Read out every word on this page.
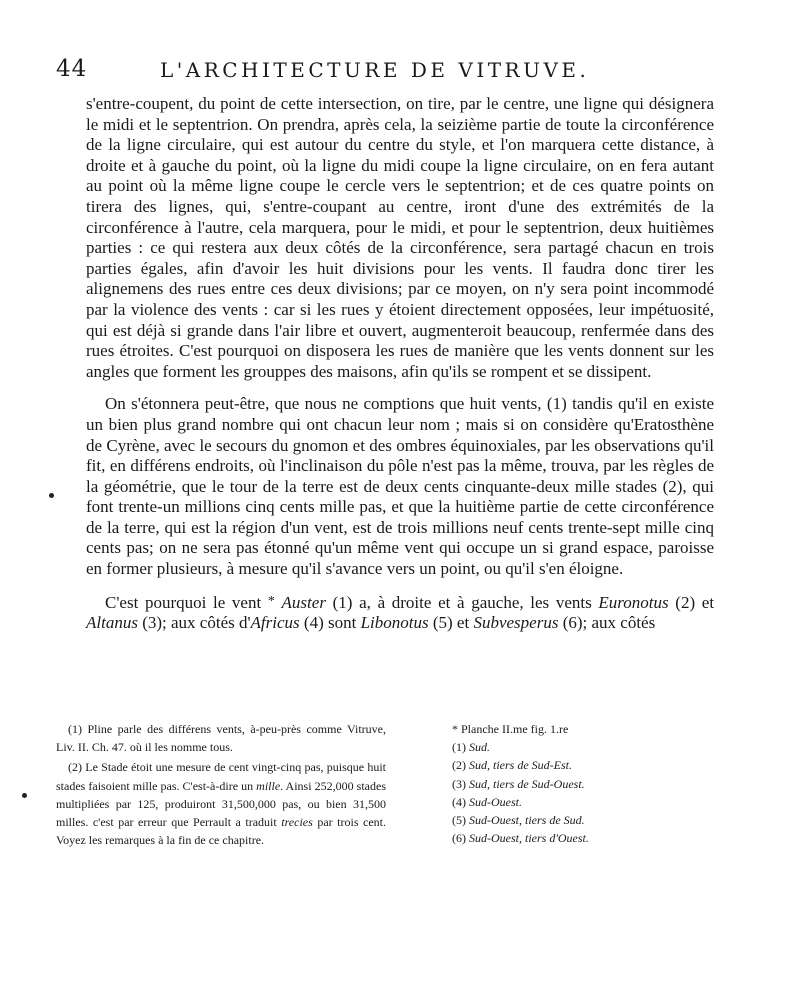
44	L'ARCHITECTURE DE VITRUVE.

s'entre-coupent, du point de cette intersection, on tire, par le centre, une ligne qui désignera le midi et le septentrion. On prendra, après cela, la seizième partie de toute la circonférence de la ligne circulaire, qui est autour du centre du style, et l'on marquera cette distance, à droite et à gauche du point, où la ligne du midi coupe la ligne circulaire, on en fera autant au point où la même ligne coupe le cercle vers le septentrion; et de ces quatre points on tirera des lignes, qui, s'entre-coupant au centre, iront d'une des extrémités de la circonférence à l'autre, cela marquera, pour le midi, et pour le septentrion, deux huitièmes parties : ce qui restera aux deux côtés de la circonférence, sera partagé chacun en trois parties égales, afin d'avoir les huit divisions pour les vents. Il faudra donc tirer les alignemens des rues entre ces deux divisions; par ce moyen, on n'y sera point incommodé par la violence des vents : car si les rues y étoient directement opposées, leur impétuosité, qui est déjà si grande dans l'air libre et ouvert, augmenteroit beaucoup, renfermée dans des rues étroites. C'est pourquoi on disposera les rues de manière que les vents donnent sur les angles que forment les grouppes des maisons, afin qu'ils se rompent et se dissipent.

 On s'étonnera peut-être, que nous ne comptions que huit vents, (1) tandis qu'il en existe un bien plus grand nombre qui ont chacun leur nom ; mais si on considère qu'Eratosthène de Cyrène, avec le secours du gnomon et des ombres équinoxiales, par les observations qu'il fit, en différens endroits, où l'inclinaison du pôle n'est pas la même, trouva, par les règles de la géométrie, que le tour de la terre est de deux cents cinquante-deux mille stades (2), qui font trente-un millions cinq cents mille pas, et que la huitième partie de cette circonférence de la terre, qui est la région d'un vent, est de trois millions neuf cents trente-sept mille cinq cents pas; on ne sera pas étonné qu'un même vent qui occupe un si grand espace, paroisse en former plusieurs, à mesure qu'il s'avance vers un point, ou qu'il s'en éloigne.

 C'est pourquoi le vent * Auster (1) a, à droite et à gauche, les vents Euronotus (2) et Altanus (3); aux côtés d'Africus (4) sont Libonotus (5) et Subvesperus (6); aux côtés

(1) Pline parle des différens vents, à-peu-près comme Vitruve, Liv. II. Ch. 47. où il les nomme tous.

(2) Le Stade étoit une mesure de cent vingt-cinq pas, puisque huit stades faisoient mille pas. C'est-à-dire un mille. Ainsi 252,000 stades multipliées par 125, produiront 31,500,000 pas, ou bien 31,500 milles. c'est par erreur que Perrault a traduit trecies par trois cent. Voyez les remarques à la fin de ce chapitre.

* Planche II.me fig. 1.re

(1) Sud.

(2) Sud, tiers de Sud-Est.

(3) Sud, tiers de Sud-Ouest.

(4) Sud-Ouest.

(5) Sud-Ouest, tiers de Sud.

(6) Sud-Ouest, tiers d'Ouest.
